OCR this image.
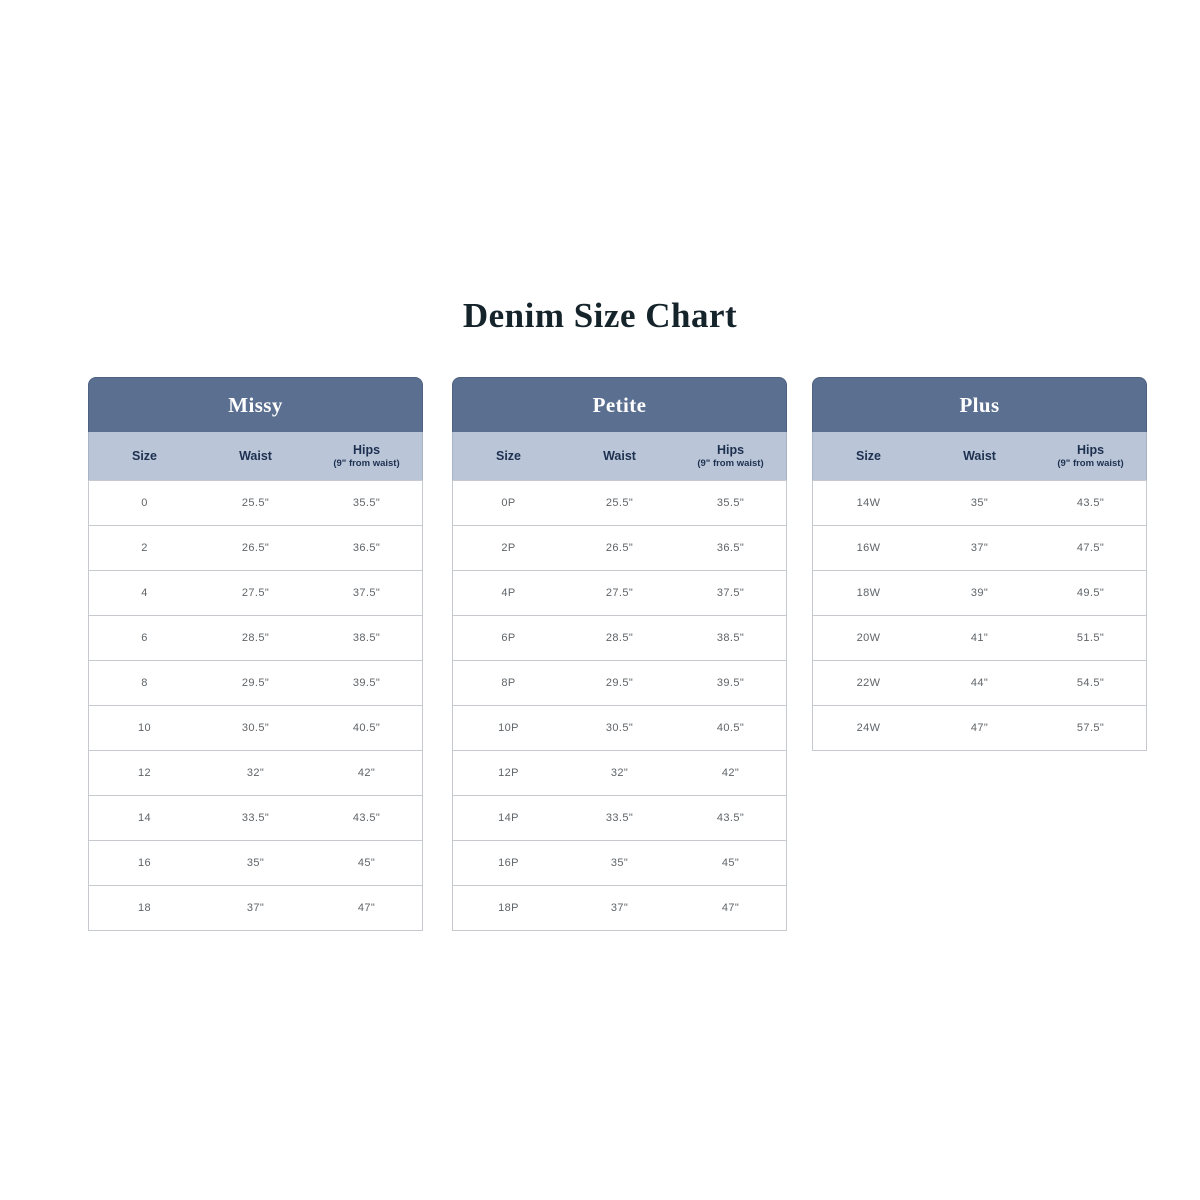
Denim Size Chart
Missy
Size	Waist	Hips
(9" from waist)
0	25.5"	35.5"
2	26.5"	36.5"
4	27.5"	37.5"
6	28.5"	38.5"
8	29.5"	39.5"
10	30.5"	40.5"
12	32"	42"
14	33.5"	43.5"
16	35"	45"
18	37"	47"
Petite
Size	Waist	Hips
(9" from waist)
0P	25.5"	35.5"
2P	26.5"	36.5"
4P	27.5"	37.5"
6P	28.5"	38.5"
8P	29.5"	39.5"
10P	30.5"	40.5"
12P	32"	42"
14P	33.5"	43.5"
16P	35"	45"
18P	37"	47"
Plus
Size	Waist	Hips
(9" from waist)
14W	35"	43.5"
16W	37"	47.5"
18W	39"	49.5"
20W	41"	51.5"
22W	44"	54.5"
24W	47"	57.5"
